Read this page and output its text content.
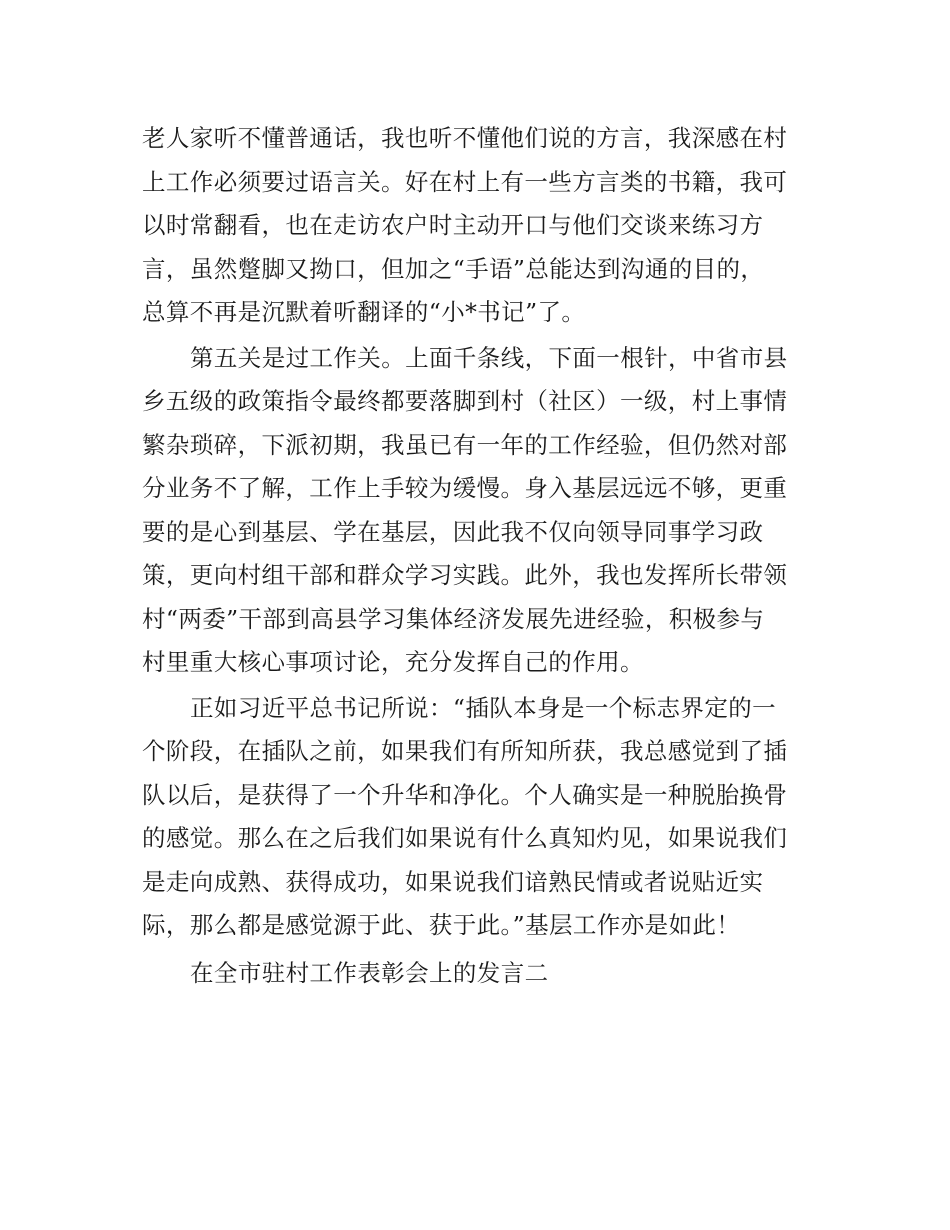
老人家听不懂普通话，我也听不懂他们说的方言，我深感在村
上工作必须要过语言关。好在村上有一些方言类的书籍，我可
以时常翻看，也在走访农户时主动开口与他们交谈来练习方
言，虽然蹩脚又拗口，但加之“手语”总能达到沟通的目的，
总算不再是沉默着听翻译的“小*书记”了。
第五关是过工作关。上面千条线，下面一根针，中省市县
乡五级的政策指令最终都要落脚到村（社区）一级，村上事情
繁杂琐碎，下派初期，我虽已有一年的工作经验，但仍然对部
分业务不了解，工作上手较为缓慢。身入基层远远不够，更重
要的是心到基层、学在基层，因此我不仅向领导同事学习政
策，更向村组干部和群众学习实践。此外，我也发挥所长带领
村“两委”干部到高县学习集体经济发展先进经验，积极参与
村里重大核心事项讨论，充分发挥自己的作用。
正如习近平总书记所说：“插队本身是一个标志界定的一
个阶段，在插队之前，如果我们有所知所获，我总感觉到了插
队以后，是获得了一个升华和净化。个人确实是一种脱胎换骨
的感觉。那么在之后我们如果说有什么真知灼见，如果说我们
是走向成熟、获得成功，如果说我们谙熟民情或者说贴近实
际，那么都是感觉源于此、获于此。”基层工作亦是如此！
在全市驻村工作表彰会上的发言二
